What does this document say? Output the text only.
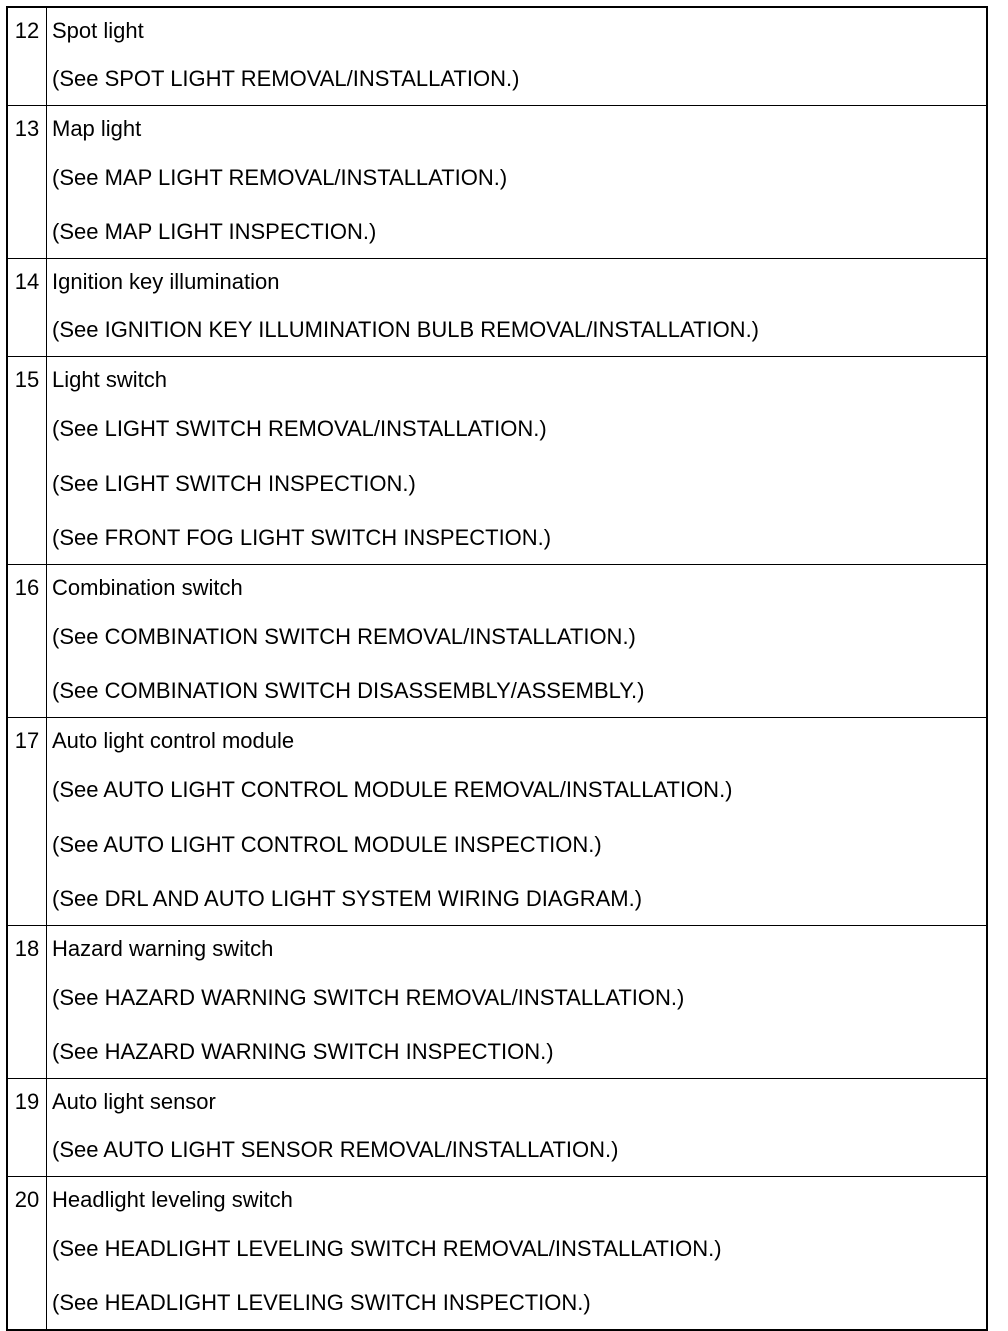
12	Spot light
(See SPOT LIGHT REMOVAL/INSTALLATION.)

13	Map light
(See MAP LIGHT REMOVAL/INSTALLATION.)
(See MAP LIGHT INSPECTION.)

14	Ignition key illumination
(See IGNITION KEY ILLUMINATION BULB REMOVAL/INSTALLATION.)

15	Light switch
(See LIGHT SWITCH REMOVAL/INSTALLATION.)
(See LIGHT SWITCH INSPECTION.)
(See FRONT FOG LIGHT SWITCH INSPECTION.)

16	Combination switch
(See COMBINATION SWITCH REMOVAL/INSTALLATION.)
(See COMBINATION SWITCH DISASSEMBLY/ASSEMBLY.)

17	Auto light control module
(See AUTO LIGHT CONTROL MODULE REMOVAL/INSTALLATION.)
(See AUTO LIGHT CONTROL MODULE INSPECTION.)
(See DRL AND AUTO LIGHT SYSTEM WIRING DIAGRAM.)

18	Hazard warning switch
(See HAZARD WARNING SWITCH REMOVAL/INSTALLATION.)
(See HAZARD WARNING SWITCH INSPECTION.)

19	Auto light sensor
(See AUTO LIGHT SENSOR REMOVAL/INSTALLATION.)

20	Headlight leveling switch
(See HEADLIGHT LEVELING SWITCH REMOVAL/INSTALLATION.)
(See HEADLIGHT LEVELING SWITCH INSPECTION.)
